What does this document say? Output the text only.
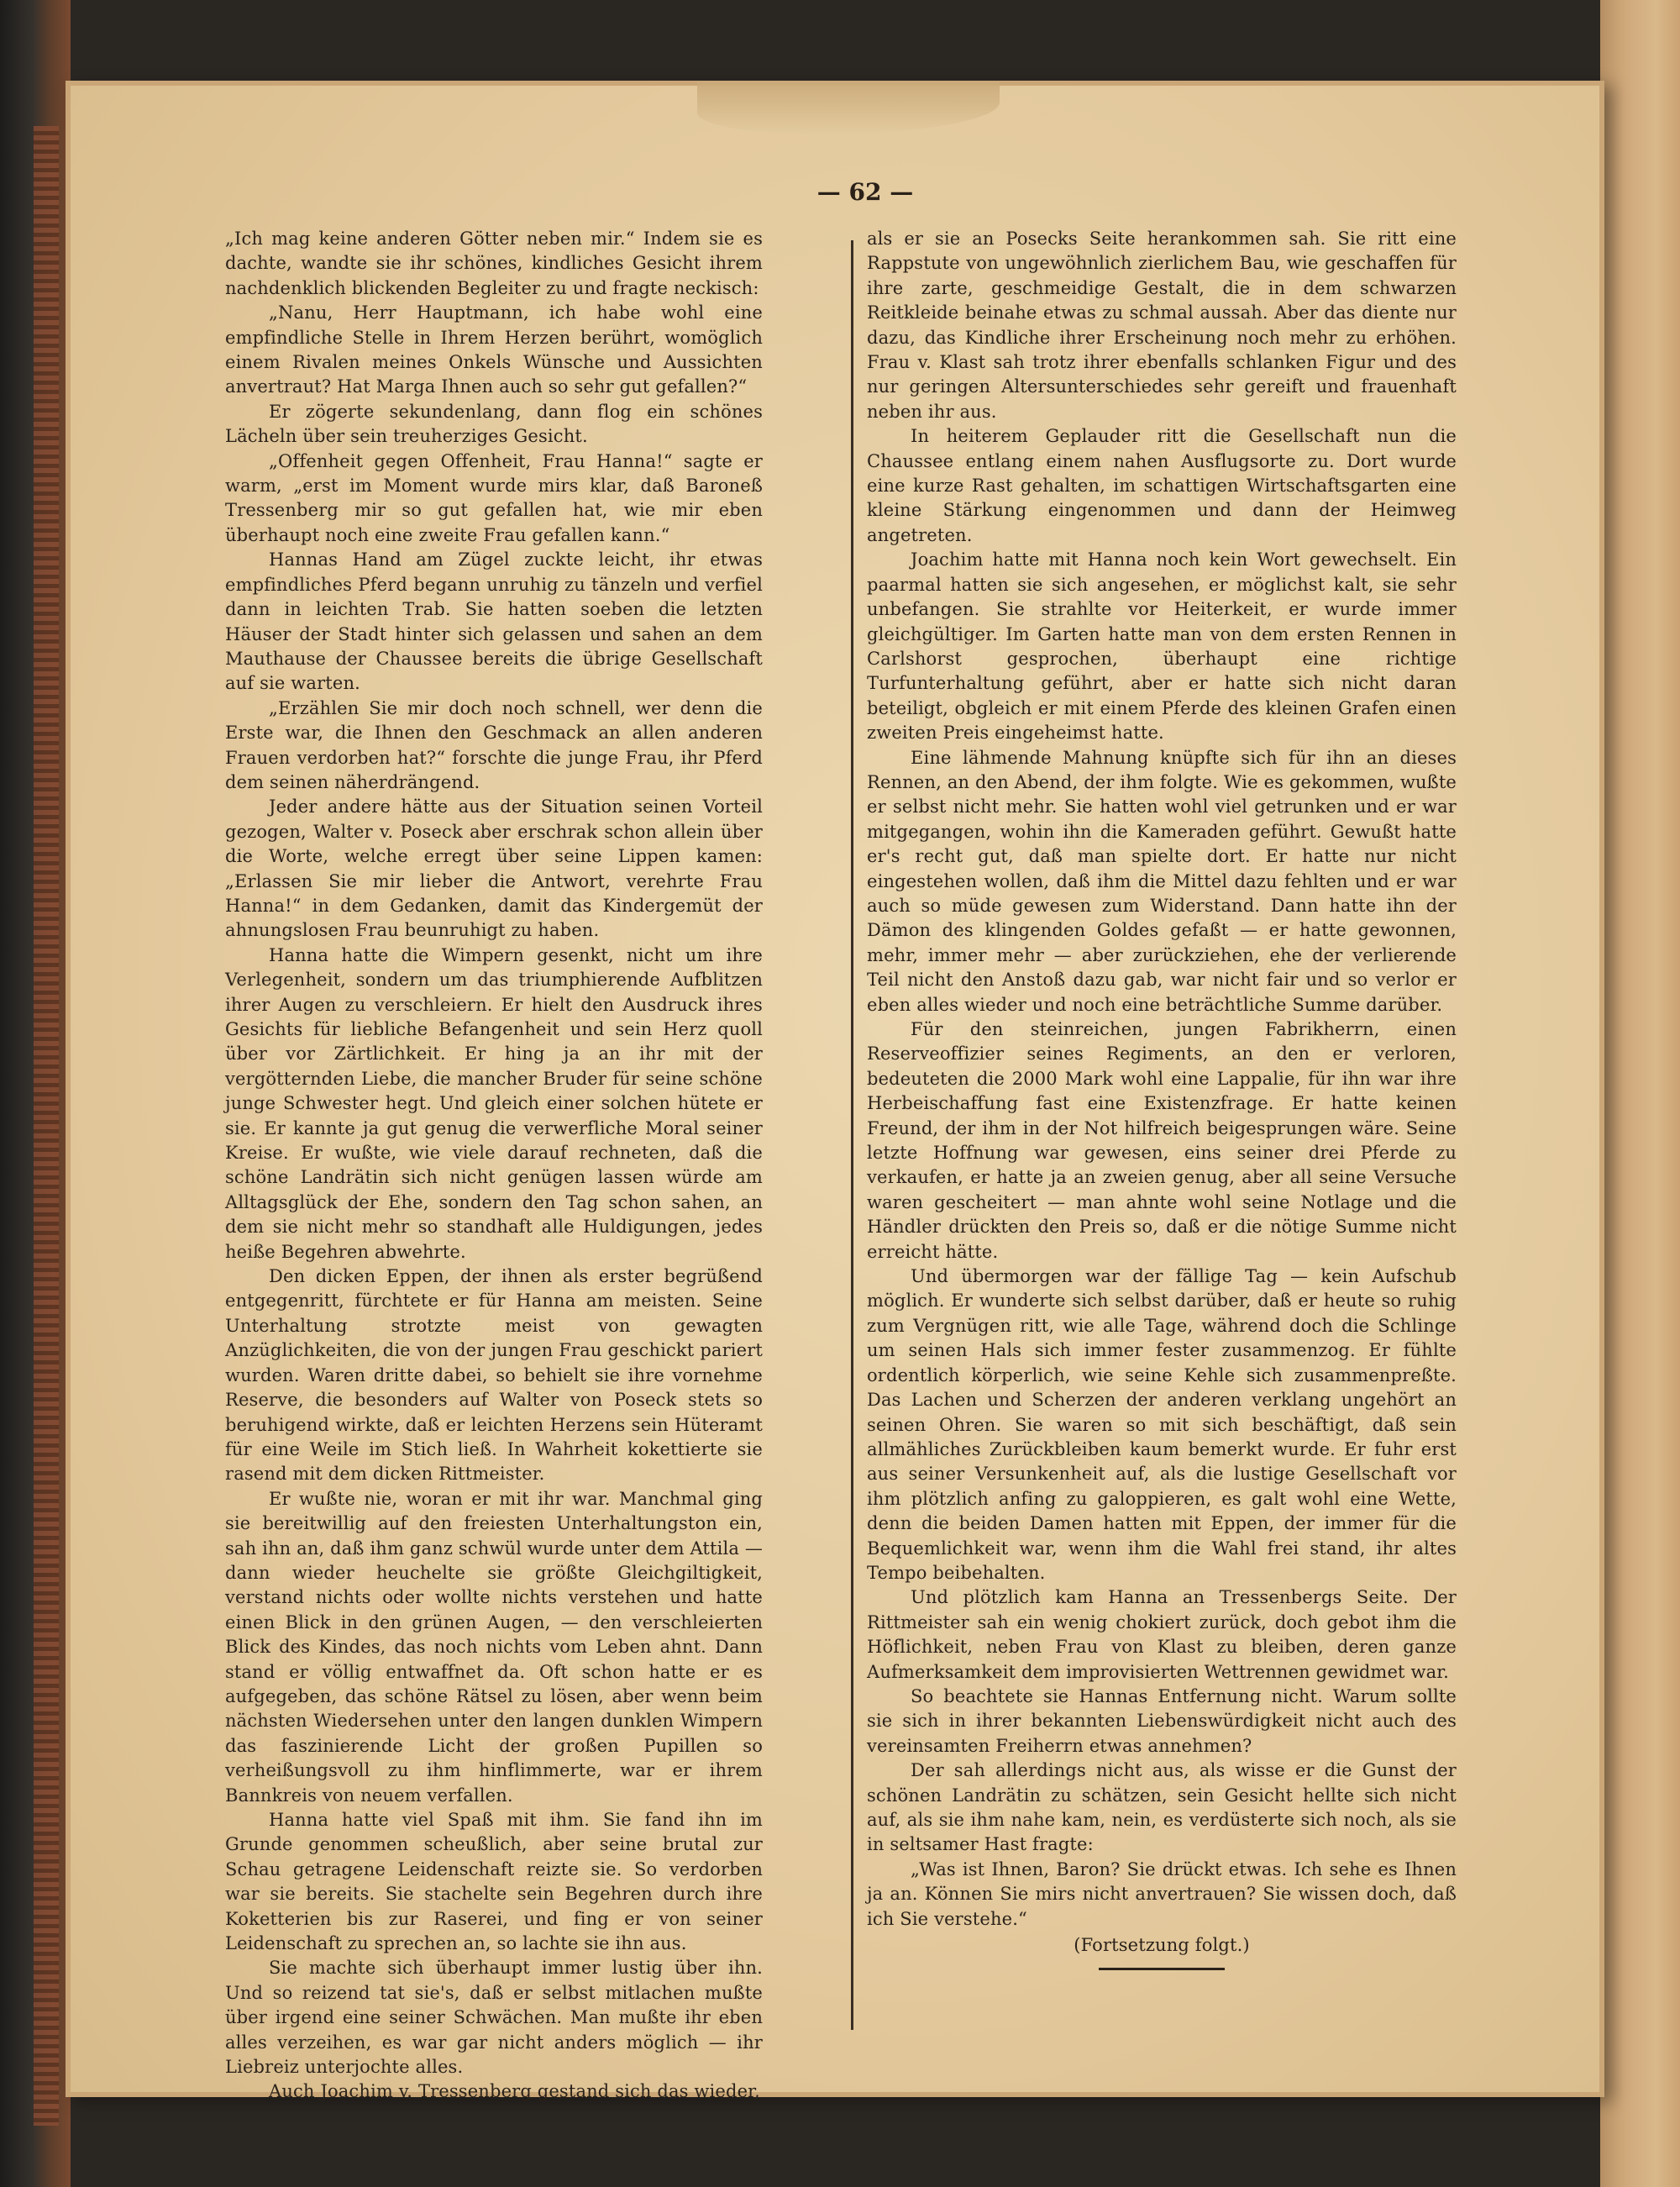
— 62 —

„Ich mag keine anderen Götter neben mir.“ Indem sie es dachte, wandte sie ihr schönes, kindliches Gesicht ihrem nachdenklich blickenden Begleiter zu und fragte neckisch:

„Nanu, Herr Hauptmann, ich habe wohl eine empfindliche Stelle in Ihrem Herzen berührt, womöglich einem Rivalen meines Onkels Wünsche und Aussichten anvertraut? Hat Marga Ihnen auch so sehr gut gefallen?“

Er zögerte sekundenlang, dann flog ein schönes Lächeln über sein treuherziges Gesicht.

„Offenheit gegen Offenheit, Frau Hanna!“ sagte er warm, „erst im Moment wurde mirs klar, daß Baroneß Tressenberg mir so gut gefallen hat, wie mir eben überhaupt noch eine zweite Frau gefallen kann.“

Hannas Hand am Zügel zuckte leicht, ihr etwas empfindliches Pferd begann unruhig zu tänzeln und verfiel dann in leichten Trab. Sie hatten soeben die letzten Häuser der Stadt hinter sich gelassen und sahen an dem Mauthause der Chaussee bereits die übrige Gesellschaft auf sie warten.

„Erzählen Sie mir doch noch schnell, wer denn die Erste war, die Ihnen den Geschmack an allen anderen Frauen verdorben hat?“ forschte die junge Frau, ihr Pferd dem seinen näherdrängend.

Jeder andere hätte aus der Situation seinen Vorteil gezogen, Walter v. Poseck aber erschrak schon allein über die Worte, welche erregt über seine Lippen kamen: „Erlassen Sie mir lieber die Antwort, verehrte Frau Hanna!“ in dem Gedanken, damit das Kindergemüt der ahnungslosen Frau beunruhigt zu haben.

Hanna hatte die Wimpern gesenkt, nicht um ihre Verlegenheit, sondern um das triumphierende Aufblitzen ihrer Augen zu verschleiern. Er hielt den Ausdruck ihres Gesichts für liebliche Befangenheit und sein Herz quoll über vor Zärtlichkeit. Er hing ja an ihr mit der vergötternden Liebe, die mancher Bruder für seine schöne junge Schwester hegt. Und gleich einer solchen hütete er sie. Er kannte ja gut genug die verwerfliche Moral seiner Kreise. Er wußte, wie viele darauf rechneten, daß die schöne Landrätin sich nicht genügen lassen würde am Alltagsglück der Ehe, sondern den Tag schon sahen, an dem sie nicht mehr so standhaft alle Huldigungen, jedes heiße Begehren abwehrte.

Den dicken Eppen, der ihnen als erster begrüßend entgegenritt, fürchtete er für Hanna am meisten. Seine Unterhaltung strotzte meist von gewagten Anzüglichkeiten, die von der jungen Frau geschickt pariert wurden. Waren dritte dabei, so behielt sie ihre vornehme Reserve, die besonders auf Walter von Poseck stets so beruhigend wirkte, daß er leichten Herzens sein Hüteramt für eine Weile im Stich ließ. In Wahrheit kokettierte sie rasend mit dem dicken Rittmeister.

Er wußte nie, woran er mit ihr war. Manchmal ging sie bereitwillig auf den freiesten Unterhaltungston ein, sah ihn an, daß ihm ganz schwül wurde unter dem Attila — dann wieder heuchelte sie größte Gleichgiltigkeit, verstand nichts oder wollte nichts verstehen und hatte einen Blick in den grünen Augen, — den verschleierten Blick des Kindes, das noch nichts vom Leben ahnt. Dann stand er völlig entwaffnet da. Oft schon hatte er es aufgegeben, das schöne Rätsel zu lösen, aber wenn beim nächsten Wiedersehen unter den langen dunklen Wimpern das faszinierende Licht der großen Pupillen so verheißungsvoll zu ihm hinflimmerte, war er ihrem Bannkreis von neuem verfallen.

Hanna hatte viel Spaß mit ihm. Sie fand ihn im Grunde genommen scheußlich, aber seine brutal zur Schau getragene Leidenschaft reizte sie. So verdorben war sie bereits. Sie stachelte sein Begehren durch ihre Koketterien bis zur Raserei, und fing er von seiner Leidenschaft zu sprechen an, so lachte sie ihn aus.

Sie machte sich überhaupt immer lustig über ihn. Und so reizend tat sie's, daß er selbst mitlachen mußte über irgend eine seiner Schwächen. Man mußte ihr eben alles verzeihen, es war gar nicht anders möglich — ihr Liebreiz unterjochte alles.

Auch Joachim v. Tressenberg gestand sich das wieder,

als er sie an Posecks Seite herankommen sah. Sie ritt eine Rappstute von ungewöhnlich zierlichem Bau, wie geschaffen für ihre zarte, geschmeidige Gestalt, die in dem schwarzen Reitkleide beinahe etwas zu schmal aussah. Aber das diente nur dazu, das Kindliche ihrer Erscheinung noch mehr zu erhöhen. Frau v. Klast sah trotz ihrer ebenfalls schlanken Figur und des nur geringen Altersunterschiedes sehr gereift und frauenhaft neben ihr aus.

In heiterem Geplauder ritt die Gesellschaft nun die Chaussee entlang einem nahen Ausflugsorte zu. Dort wurde eine kurze Rast gehalten, im schattigen Wirtschaftsgarten eine kleine Stärkung eingenommen und dann der Heimweg angetreten.

Joachim hatte mit Hanna noch kein Wort gewechselt. Ein paarmal hatten sie sich angesehen, er möglichst kalt, sie sehr unbefangen. Sie strahlte vor Heiterkeit, er wurde immer gleichgültiger. Im Garten hatte man von dem ersten Rennen in Carlshorst gesprochen, überhaupt eine richtige Turfunterhaltung geführt, aber er hatte sich nicht daran beteiligt, obgleich er mit einem Pferde des kleinen Grafen einen zweiten Preis eingeheimst hatte.

Eine lähmende Mahnung knüpfte sich für ihn an dieses Rennen, an den Abend, der ihm folgte. Wie es gekommen, wußte er selbst nicht mehr. Sie hatten wohl viel getrunken und er war mitgegangen, wohin ihn die Kameraden geführt. Gewußt hatte er's recht gut, daß man spielte dort. Er hatte nur nicht eingestehen wollen, daß ihm die Mittel dazu fehlten und er war auch so müde gewesen zum Widerstand. Dann hatte ihn der Dämon des klingenden Goldes gefaßt — er hatte gewonnen, mehr, immer mehr — aber zurückziehen, ehe der verlierende Teil nicht den Anstoß dazu gab, war nicht fair und so verlor er eben alles wieder und noch eine beträchtliche Summe darüber.

Für den steinreichen, jungen Fabrikherrn, einen Reserveoffizier seines Regiments, an den er verloren, bedeuteten die 2000 Mark wohl eine Lappalie, für ihn war ihre Herbeischaffung fast eine Existenzfrage. Er hatte keinen Freund, der ihm in der Not hilfreich beigesprungen wäre. Seine letzte Hoffnung war gewesen, eins seiner drei Pferde zu verkaufen, er hatte ja an zweien genug, aber all seine Versuche waren gescheitert — man ahnte wohl seine Notlage und die Händler drückten den Preis so, daß er die nötige Summe nicht erreicht hätte.

Und übermorgen war der fällige Tag — kein Aufschub möglich. Er wunderte sich selbst darüber, daß er heute so ruhig zum Vergnügen ritt, wie alle Tage, während doch die Schlinge um seinen Hals sich immer fester zusammenzog. Er fühlte ordentlich körperlich, wie seine Kehle sich zusammenpreßte. Das Lachen und Scherzen der anderen verklang ungehört an seinen Ohren. Sie waren so mit sich beschäftigt, daß sein allmähliches Zurückbleiben kaum bemerkt wurde. Er fuhr erst aus seiner Versunkenheit auf, als die lustige Gesellschaft vor ihm plötzlich anfing zu galoppieren, es galt wohl eine Wette, denn die beiden Damen hatten mit Eppen, der immer für die Bequemlichkeit war, wenn ihm die Wahl frei stand, ihr altes Tempo beibehalten.

Und plötzlich kam Hanna an Tressenbergs Seite. Der Rittmeister sah ein wenig chokiert zurück, doch gebot ihm die Höflichkeit, neben Frau von Klast zu bleiben, deren ganze Aufmerksamkeit dem improvisierten Wettrennen gewidmet war.

So beachtete sie Hannas Entfernung nicht. Warum sollte sie sich in ihrer bekannten Liebenswürdigkeit nicht auch des vereinsamten Freiherrn etwas annehmen?

Der sah allerdings nicht aus, als wisse er die Gunst der schönen Landrätin zu schätzen, sein Gesicht hellte sich nicht auf, als sie ihm nahe kam, nein, es verdüsterte sich noch, als sie in seltsamer Hast fragte:

„Was ist Ihnen, Baron? Sie drückt etwas. Ich sehe es Ihnen ja an. Können Sie mirs nicht anvertrauen? Sie wissen doch, daß ich Sie verstehe.“

(Fortsetzung folgt.)
